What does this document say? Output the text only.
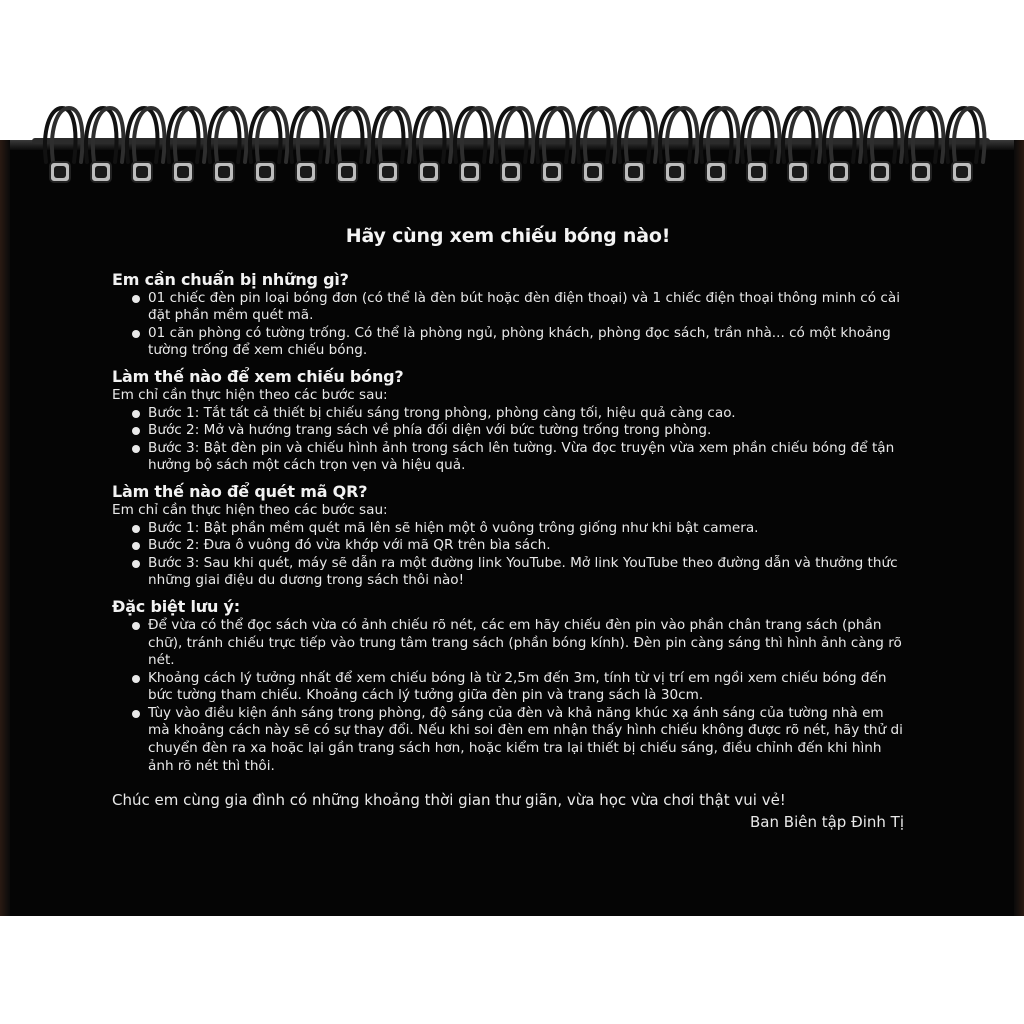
Hãy cùng xem chiếu bóng nào!
Em cần chuẩn bị những gì?
01 chiếc đèn pin loại bóng đơn (có thể là đèn bút hoặc đèn điện thoại) và 1 chiếc điện thoại thông minh có cài đặt phần mềm quét mã.
01 căn phòng có tường trống. Có thể là phòng ngủ, phòng khách, phòng đọc sách, trần nhà... có một khoảng tường trống để xem chiếu bóng.
Làm thế nào để xem chiếu bóng?

Em chỉ cần thực hiện theo các bước sau:

Bước 1: Tắt tất cả thiết bị chiếu sáng trong phòng, phòng càng tối, hiệu quả càng cao.
Bước 2: Mở và hướng trang sách về phía đối diện với bức tường trống trong phòng.
Bước 3: Bật đèn pin và chiếu hình ảnh trong sách lên tường. Vừa đọc truyện vừa xem phần chiếu bóng để tận hưởng bộ sách một cách trọn vẹn và hiệu quả.
Làm thế nào để quét mã QR?

Em chỉ cần thực hiện theo các bước sau:

Bước 1: Bật phần mềm quét mã lên sẽ hiện một ô vuông trông giống như khi bật camera.
Bước 2: Đưa ô vuông đó vừa khớp với mã QR trên bìa sách.
Bước 3: Sau khi quét, máy sẽ dẫn ra một đường link YouTube. Mở link YouTube theo đường dẫn và thưởng thức những giai điệu du dương trong sách thôi nào!
Đặc biệt lưu ý:
Để vừa có thể đọc sách vừa có ảnh chiếu rõ nét, các em hãy chiếu đèn pin vào phần chân trang sách (phần chữ), tránh chiếu trực tiếp vào trung tâm trang sách (phần bóng kính). Đèn pin càng sáng thì hình ảnh càng rõ nét.
Khoảng cách lý tưởng nhất để xem chiếu bóng là từ 2,5m đến 3m, tính từ vị trí em ngồi xem chiếu bóng đến bức tường tham chiếu. Khoảng cách lý tưởng giữa đèn pin và trang sách là 30cm.
Tùy vào điều kiện ánh sáng trong phòng, độ sáng của đèn và khả năng khúc xạ ánh sáng của tường nhà em mà khoảng cách này sẽ có sự thay đổi. Nếu khi soi đèn em nhận thấy hình chiếu không được rõ nét, hãy thử di chuyển đèn ra xa hoặc lại gần trang sách hơn, hoặc kiểm tra lại thiết bị chiếu sáng, điều chỉnh đến khi hình ảnh rõ nét thì thôi.
Chúc em cùng gia đình có những khoảng thời gian thư giãn, vừa học vừa chơi thật vui vẻ!
Ban Biên tập Đinh Tị
